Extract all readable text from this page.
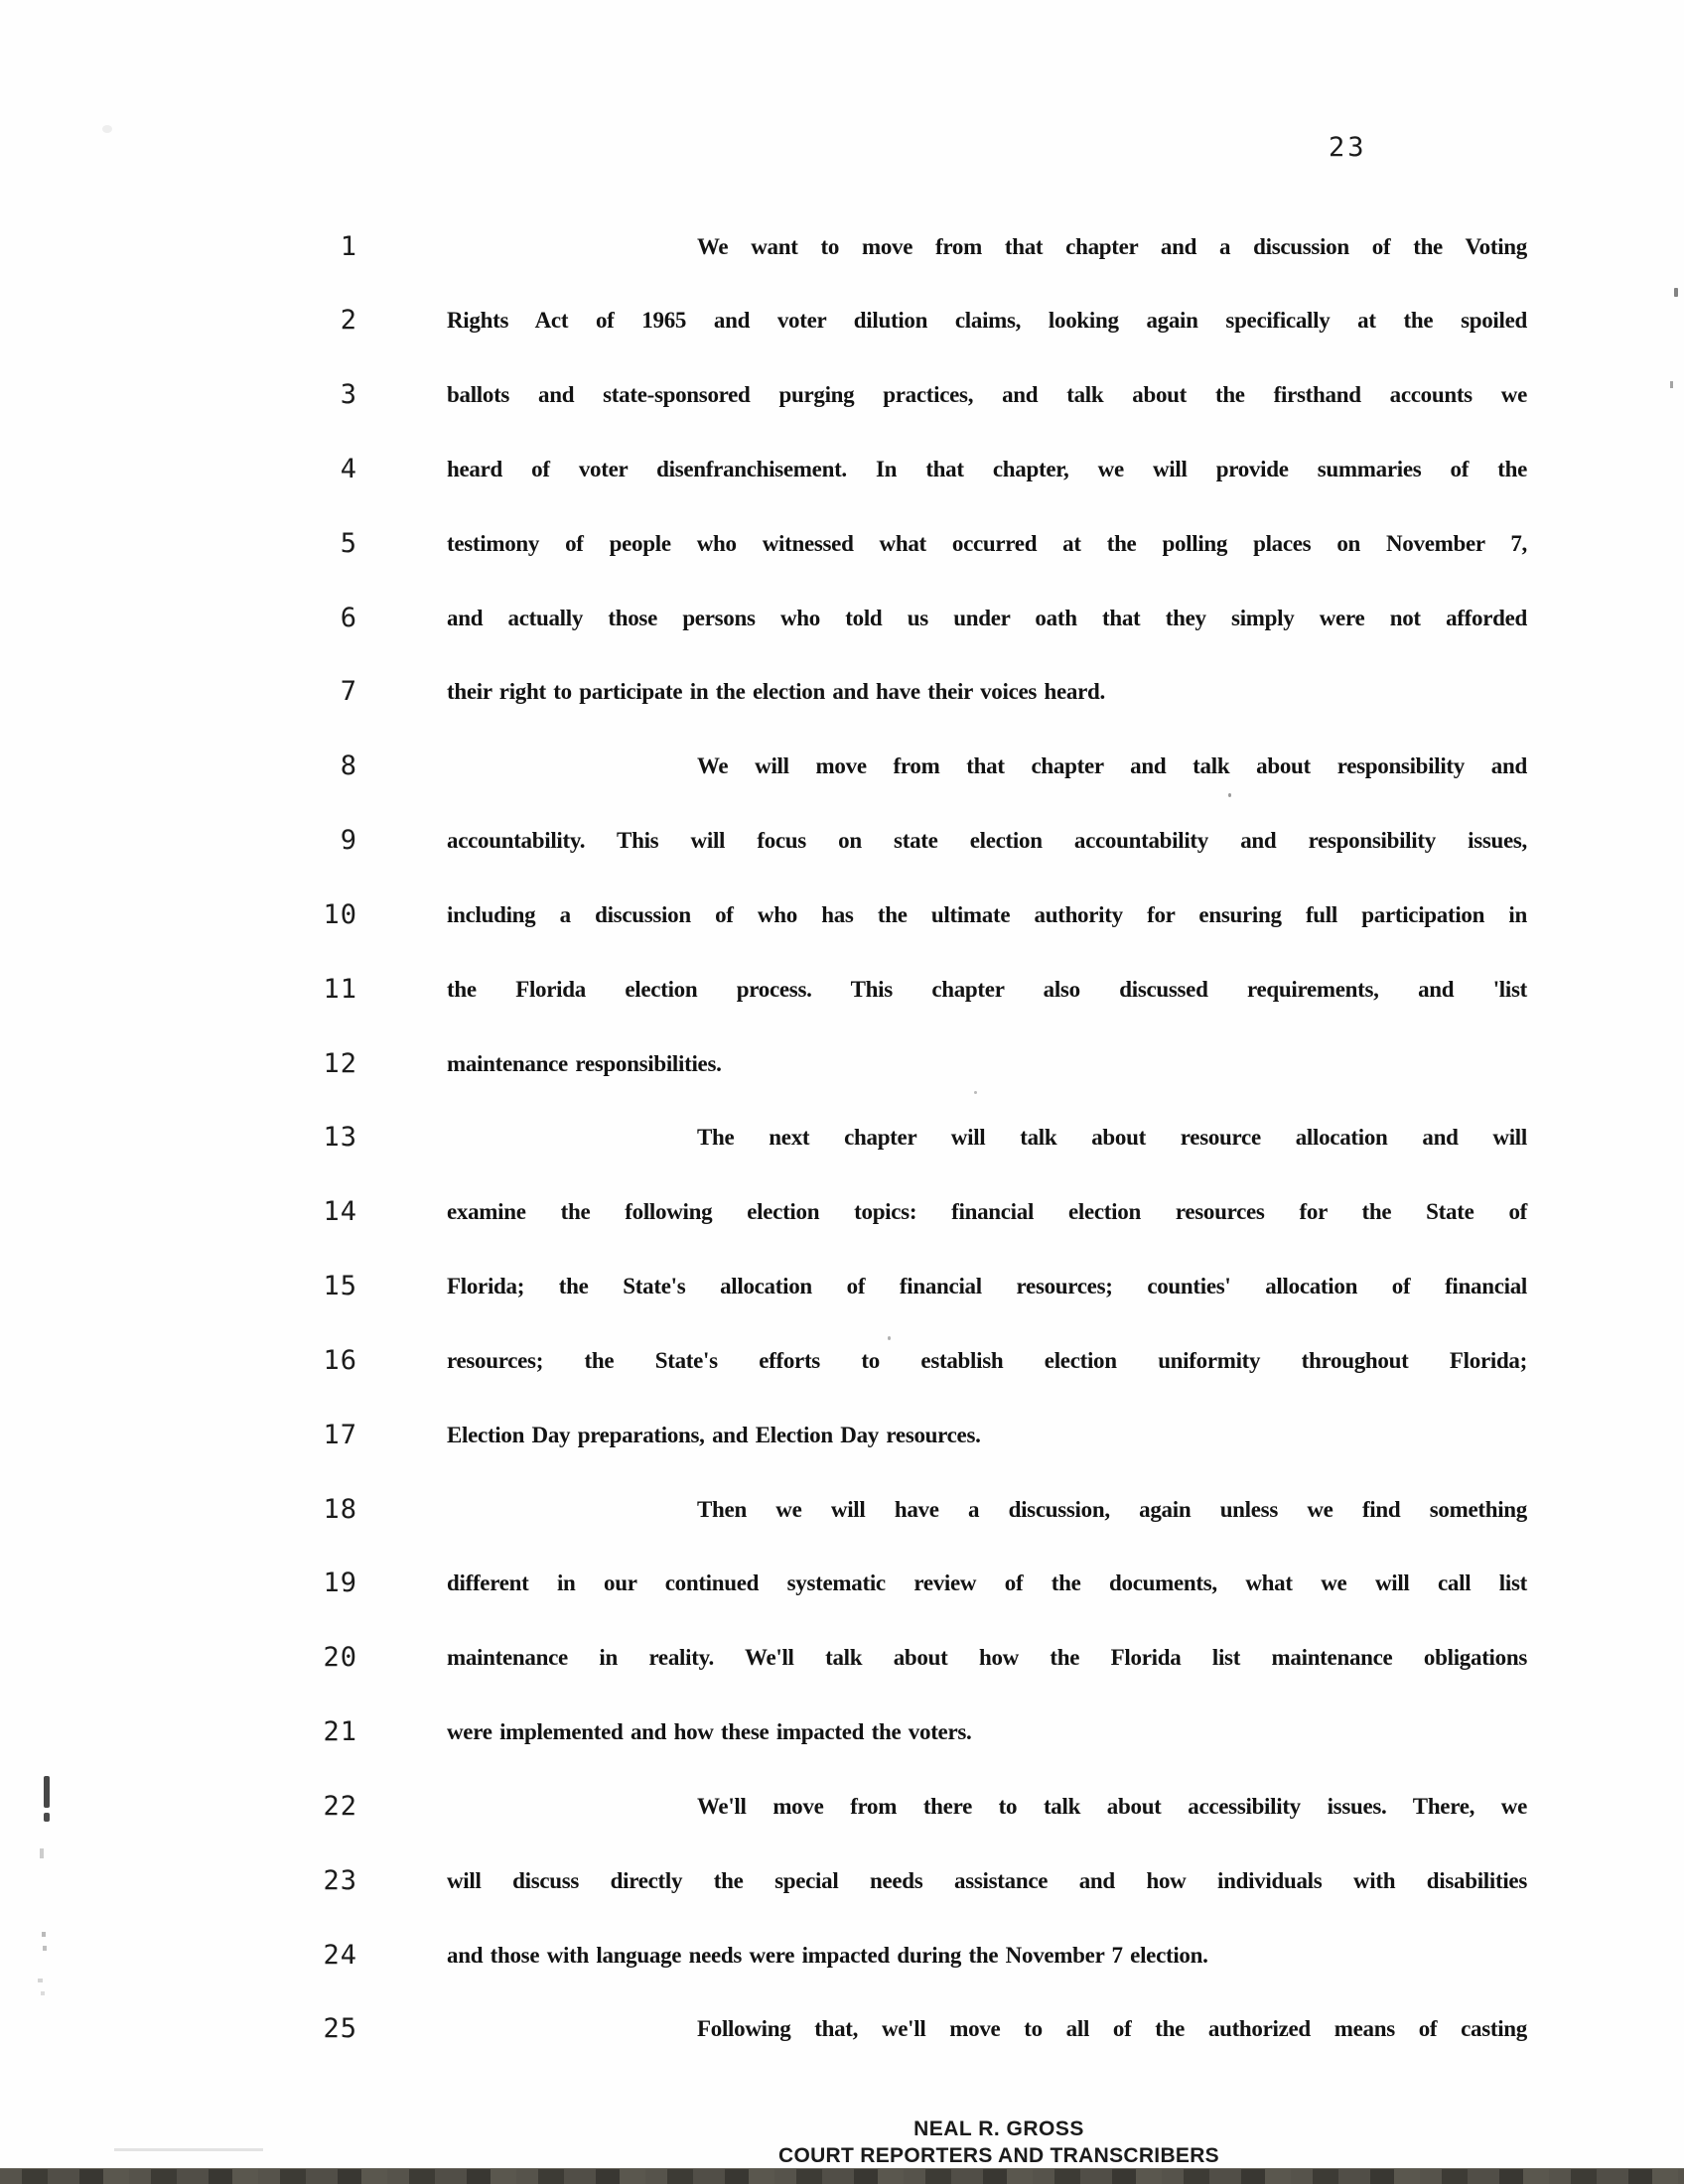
23
1	We want to move from that chapter and a discussion of the Voting
2	Rights Act of 1965 and voter dilution claims, looking again specifically at the spoiled
3	ballots and state-sponsored purging practices, and talk about the firsthand accounts we
4	heard of voter disenfranchisement. In that chapter, we will provide summaries of the
5	testimony of people who witnessed what occurred at the polling places on November 7,
6	and actually those persons who told us under oath that they simply were not afforded
7	their right to participate in the election and have their voices heard.
8	We will move from that chapter and talk about responsibility and
9	accountability. This will focus on state election accountability and responsibility issues,
10	including a discussion of who has the ultimate authority for ensuring full participation in
11	the Florida election process. This chapter also discussed requirements, and 'list
12	maintenance responsibilities.
13	The next chapter will talk about resource allocation and will
14	examine the following election topics: financial election resources for the State of
15	Florida; the State's allocation of financial resources; counties' allocation of financial
16	resources; the State's efforts to establish election uniformity throughout Florida;
17	Election Day preparations, and Election Day resources.
18	Then we will have a discussion, again unless we find something
19	different in our continued systematic review of the documents, what we will call list
20	maintenance in reality. We'll talk about how the Florida list maintenance obligations
21	were implemented and how these impacted the voters.
22	We'll move from there to talk about accessibility issues. There, we
23	will discuss directly the special needs assistance and how individuals with disabilities
24	and those with language needs were impacted during the November 7 election.
25	Following that, we'll move to all of the authorized means of casting
NEAL R. GROSS
COURT REPORTERS AND TRANSCRIBERS
